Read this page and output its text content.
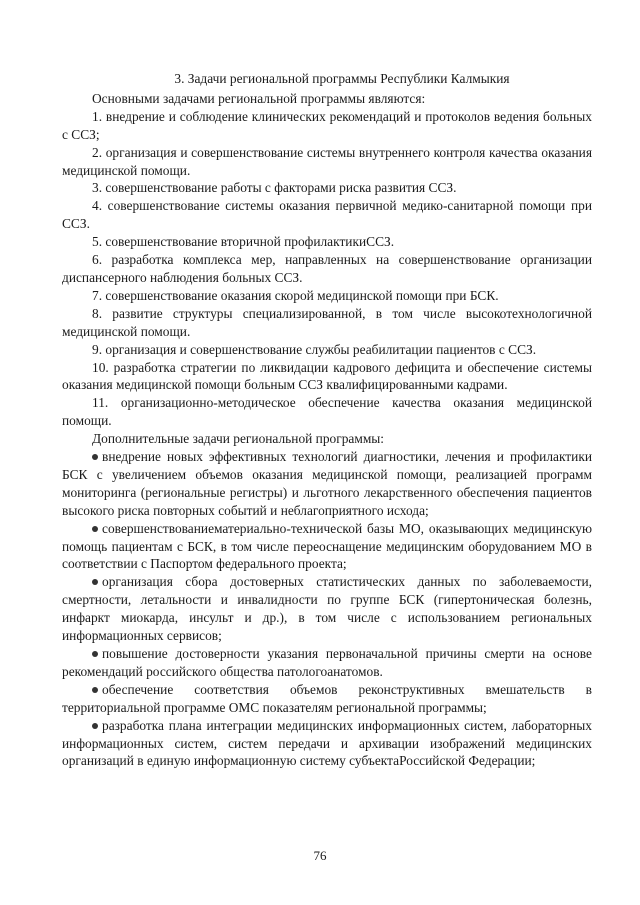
3. Задачи региональной программы Республики Калмыкия

Основными задачами региональной программы являются:

1. внедрение и соблюдение клинических рекомендаций и протоколов ведения больных с ССЗ;

2. организация и совершенствование системы внутреннего контроля качества оказания медицинской помощи.

3. совершенствование работы с факторами риска развития ССЗ.

4. совершенствование системы оказания первичной медико-санитарной помощи при ССЗ.

5. совершенствование вторичной профилактикиССЗ.

6. разработка комплекса мер, направленных на совершенствование организации диспансерного наблюдения больных ССЗ.

7. совершенствование оказания скорой медицинской помощи при БСК.

8. развитие структуры специализированной, в том числе высокотехнологичной медицинской помощи.

9. организация и совершенствование службы реабилитации пациентов с ССЗ.

10. разработка стратегии по ликвидации кадрового дефицита и обеспечение системы оказания медицинской помощи больным ССЗ квалифицированными кадрами.

11. организационно-методическое обеспечение качества оказания медицинской помощи.

Дополнительные задачи региональной программы:

внедрение новых эффективных технологий диагностики, лечения и профилактики БСК с увеличением объемов оказания медицинской помощи, реализацией программ мониторинга (региональные регистры) и льготного лекарственного обеспечения пациентов высокого риска повторных событий и неблагоприятного исхода;

совершенствованиематериально-технической базы МО, оказывающих медицинскую помощь пациентам с БСК, в том числе переоснащение медицинским оборудованием МО в соответствии с Паспортом федерального проекта;

организация сбора достоверных статистических данных по заболеваемости, смертности, летальности и инвалидности по группе БСК (гипертоническая болезнь, инфаркт миокарда, инсульт и др.), в том числе с использованием региональных информационных сервисов;

повышение достоверности указания первоначальной причины смерти на основе рекомендаций российского общества патологоанатомов.

обеспечение соответствия объемов реконструктивных вмешательств в территориальной программе ОМС показателям региональной программы;

разработка плана интеграции медицинских информационных систем, лабораторных информационных систем, систем передачи и архивации изображений медицинских организаций в единую информационную систему субъектаРоссийской Федерации;

76
